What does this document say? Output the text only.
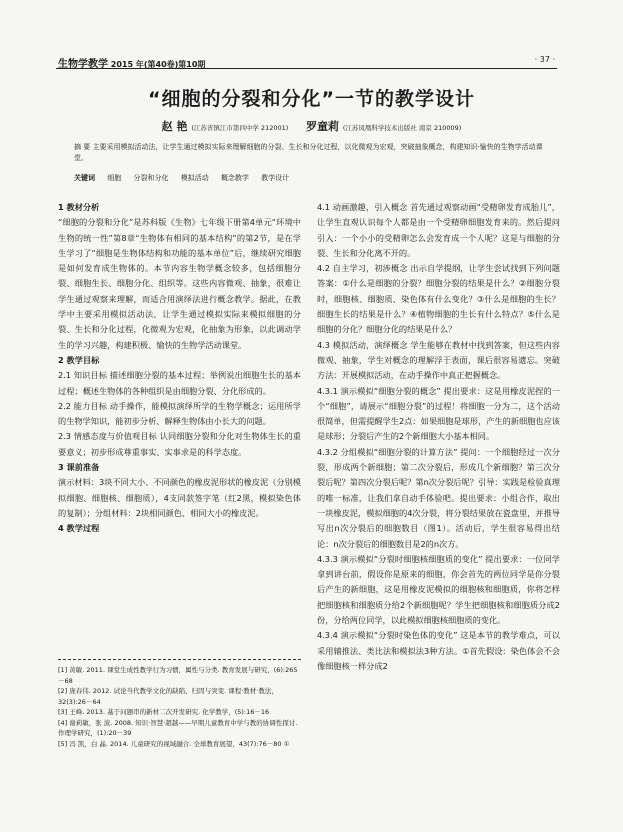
生物学教学 2015 年(第40卷)第10期
· 37 ·
“细胞的分裂和分化”一节的教学设计
赵 艳 (江苏省镇江市第四中学 212001) 罗童莉 (江苏凤凰科学技术出版社 南京 210009)
摘 要 主要采用模拟活动法，让学生通过模拟实际来理解细胞的分裂、生长和分化过程，以化微观为宏观，突破抽象概念，构建知识·愉快的生物学活动课堂。
关键词 细胞 分裂和分化 模拟活动 概念教学 教学设计

1 教材分析

“细胞的分裂和分化”是苏科版《生物》七年级下册第4单元“环境中生物的统一性”第8章“生物体有相同的基本结构”的第2节，是在学生学习了“细胞是生物体结构和功能的基本单位”后，继续研究细胞是如何发育成生物体的。本节内容生物学概念较多，包括细胞分裂、细胞生长、细胞分化、组织等。这些内容微观、抽象，很难让学生通过观察来理解，而适合用演绎法进行概念教学。据此，在教学中主要采用模拟活动法，让学生通过模拟实际来模拟细胞的分裂、生长和分化过程，化微观为宏观，化抽象为形象，以此调动学生的学习兴趣，构建积极、愉快的生物学活动课堂。

2 教学目标

2.1 知识目标 描述细胞分裂的基本过程；举例说出细胞生长的基本过程；概述生物体的各种组织是由细胞分裂、分化形成的。

2.2 能力目标 动手操作，能模拟演绎所学的生物学概念；运用所学的生物学知识，能初步分析、解释生物体由小长大的问题。

2.3 情感态度与价值观目标 认同细胞分裂和分化对生物体生长的重要意义；初步形成尊重事实、实事求是的科学态度。

3 课前准备

演示材料：3块不同大小、不同颜色的橡皮泥形状的橡皮泥（分别模拟细胞、细胞核、细胞质），4支同款签字笔（红2黑，模拟染色体的复制）；分组材料：2块相同颜色、相同大小的橡皮泥。

4 教学过程

[1] 黄敏. 2011. 课堂生成性教学行为习惯，属性与分类. 教育发展与研究，(6):265－68

[2] 庞春伟. 2012. 试论当代教学文化的缺陷、归因与突变. 课程·教材·教法，32(3):26－64

[3] 王峰. 2013. 基于问题串的新材二次开发研究. 化学教学，(5):16－16

[4] 谢莉敏，张 波. 2008. 知识·智慧·超越——早期儿童教育中学与教的协调性探讨. 作理学研究，(1):20－39

[5] 冯 凯，白 晶. 2014. 儿童研究的视域融合. 全球教育展望，43(7):76－80 ①

4.1 动画激趣，引入概念 首先通过观察动画“受精卵发育成胎儿”，让学生直观认识每个人都是由一个受精卵细胞发育来的。然后提问引入：一个小小的受精卵怎么会发育成一个人呢？这是与细胞的分裂、生长和分化离不开的。

4.2 自主学习，初涉概念 出示自学提纲，让学生尝试找到下列问题答案：①什么是细胞的分裂？细胞分裂的结果是什么？②细胞分裂时，细胞核、细胞质、染色体有什么变化？③什么是细胞的生长？细胞生长的结果是什么？④植物细胞的生长有什么特点？⑤什么是细胞的分化？细胞分化的结果是什么？

4.3 模拟活动，演绎概念 学生能够在教材中找到答案，但这些内容微观、抽象，学生对概念的理解浮于表面，课后很容易遗忘。突破方法：开展模拟活动，在动手操作中真正把握概念。

4.3.1 演示模拟“细胞分裂的概念” 提出要求：这是用橡皮泥捏的一个“细胞”，请展示“细胞分裂”的过程！将细胞一分为二，这个活动很简单，但需提醒学生2点：如果细胞是球形，产生的新细胞也应该是球形；分裂后产生的2个新细胞大小基本相同。

4.3.2 分组模拟“细胞分裂的计算方法” 提问：一个细胞经过一次分裂，形成两个新细胞；第二次分裂后，形成几个新细胞？第三次分裂后呢？第四次分裂后呢？第n次分裂后呢？引导：实践是检验真理的唯一标准，让我们拿自动手体验吧。提出要求：小组合作，取出一块橡皮泥，模拟细胞的4次分裂，将分裂结果放在瓷盘里，并推导写出n次分裂后的细胞数目（图1）。活动后，学生很容易得出结论：n次分裂后的细胞数目是2的n次方。

4.3.3 演示模拟“分裂时细胞核细胞质的变化” 提出要求：一位同学拿到讲台前，假设你是原来的细胞，你会首先的两位同学是你分裂后产生的新细胞，这是用橡皮泥模拟的细胞核和细胞质，你将怎样把细胞核和细胞质分给2个新细胞呢？学生把细胞核和细胞质分成2份，分给两位同学，以此模拟细胞核细胞质的变化。

4.3.4 演示模拟“分裂时染色体的变化” 这是本节的教学难点，可以采用辅推法、类比法和模拟法3种方法。①首先假设：染色体会不会像细胞核一样分成2
